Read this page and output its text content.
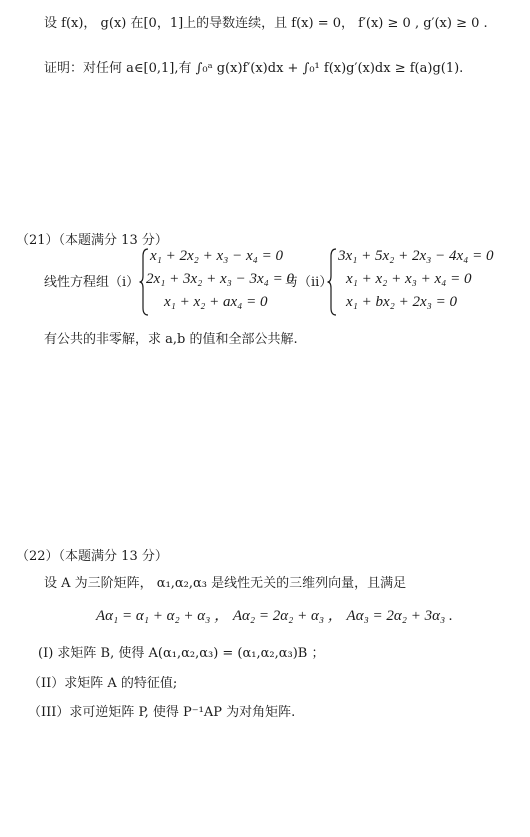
设 f(x)， g(x) 在[0，1]上的导数连续，且 f(x) = 0， f′(x) ≥ 0 , g′(x) ≥ 0 .
证明：对任何 a∈[0,1],有 ∫₀ᵃ g(x)f′(x)dx + ∫₀¹ f(x)g′(x)dx ≥ f(a)g(1).
（21）（本题满分 13 分）
线性方程组（i）
x₁ + 2x₂ + x₃ − x₄ = 0
2x₁ + 3x₂ + x₃ − 3x₄ = 0
x₁ + x₂ + ax₄ = 0
与（ii）
3x₁ + 5x₂ + 2x₃ − 4x₄ = 0
x₁ + x₂ + x₃ + x₄ = 0
x₁ + bx₂ + 2x₃ = 0
有公共的非零解，求 a,b 的值和全部公共解.
（22）（本题满分 13 分）
设 A 为三阶矩阵， α₁,α₂,α₃ 是线性无关的三维列向量，且满足
Aα₁ = α₁ + α₂ + α₃ ， Aα₂ = 2α₂ + α₃ ， Aα₃ = 2α₂ + 3α₃ .
(I) 求矩阵 B, 使得 A(α₁,α₂,α₃) = (α₁,α₂,α₃)B ；
（II）求矩阵 A 的特征值;
（III）求可逆矩阵 P, 使得 P⁻¹AP 为对角矩阵.
